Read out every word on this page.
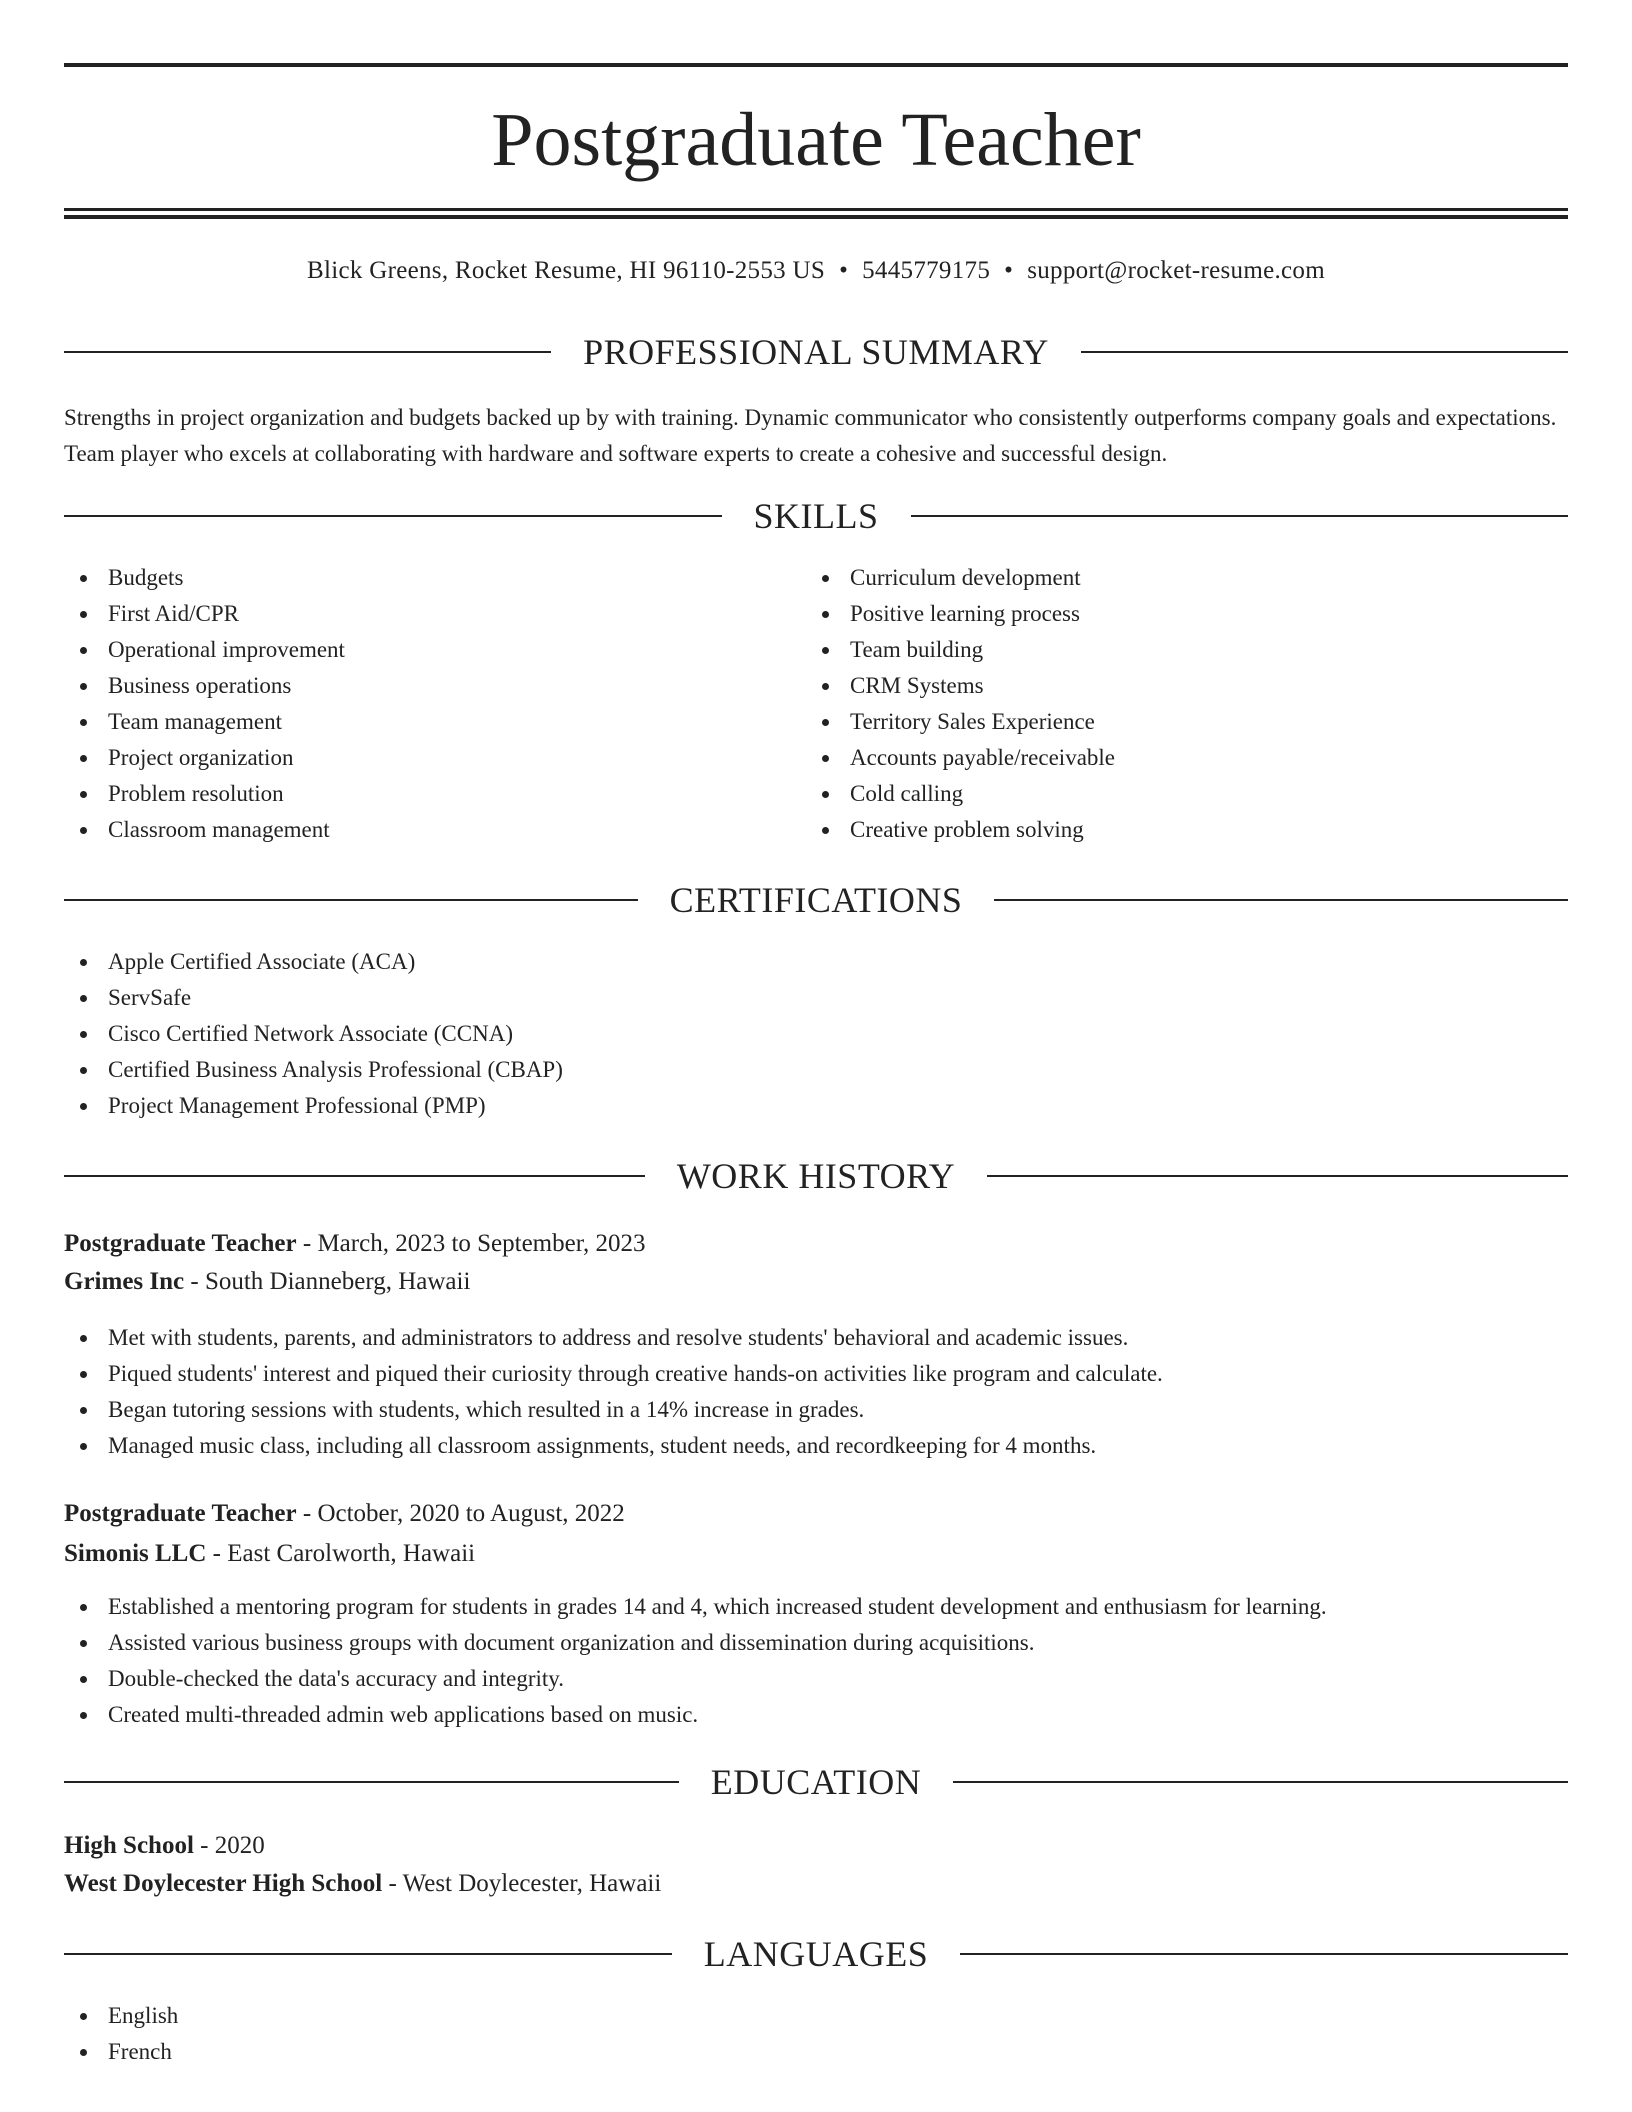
Postgraduate Teacher
Blick Greens, Rocket Resume, HI 96110-2553 US • 5445779175 • support@rocket-resume.com
PROFESSIONAL SUMMARY

Strengths in project organization and budgets backed up by with training. Dynamic communicator who consistently outperforms company goals and expectations. Team player who excels at collaborating with hardware and software experts to create a cohesive and successful design.

SKILLS
Budgets
First Aid/CPR
Operational improvement
Business operations
Team management
Project organization
Problem resolution
Classroom management
Curriculum development
Positive learning process
Team building
CRM Systems
Territory Sales Experience
Accounts payable/receivable
Cold calling
Creative problem solving
CERTIFICATIONS
Apple Certified Associate (ACA)
ServSafe
Cisco Certified Network Associate (CCNA)
Certified Business Analysis Professional (CBAP)
Project Management Professional (PMP)
WORK HISTORY
Postgraduate Teacher - March, 2023 to September, 2023
Grimes Inc - South Dianneberg, Hawaii
Met with students, parents, and administrators to address and resolve students' behavioral and academic issues.
Piqued students' interest and piqued their curiosity through creative hands-on activities like program and calculate.
Began tutoring sessions with students, which resulted in a 14% increase in grades.
Managed music class, including all classroom assignments, student needs, and recordkeeping for 4 months.
Postgraduate Teacher - October, 2020 to August, 2022
Simonis LLC - East Carolworth, Hawaii
Established a mentoring program for students in grades 14 and 4, which increased student development and enthusiasm for learning.
Assisted various business groups with document organization and dissemination during acquisitions.
Double-checked the data's accuracy and integrity.
Created multi-threaded admin web applications based on music.
EDUCATION
High School - 2020
West Doylecester High School - West Doylecester, Hawaii
LANGUAGES
English
French
